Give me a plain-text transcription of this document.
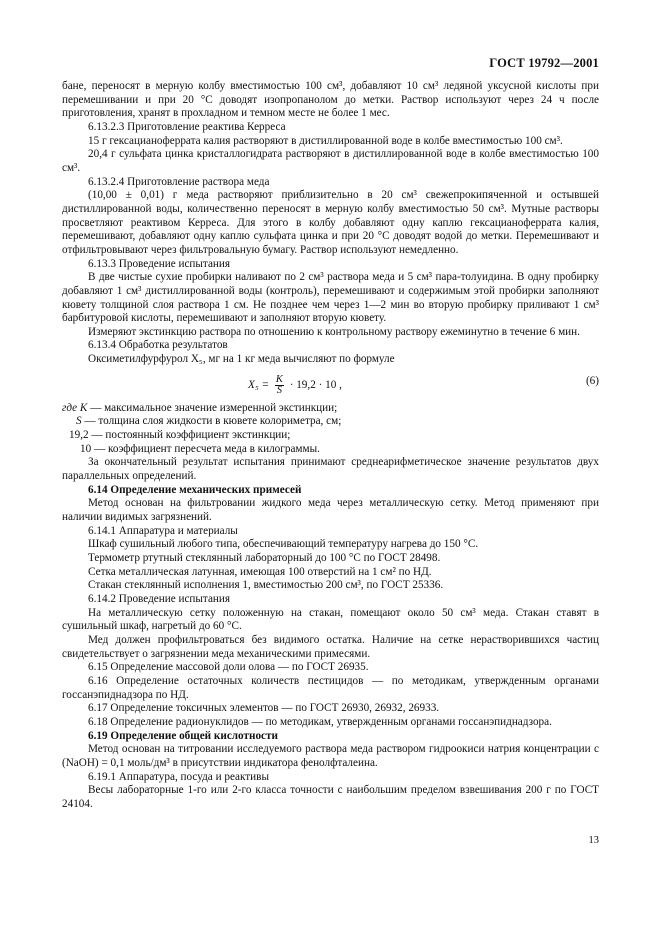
ГОСТ 19792—2001

бане, переносят в мерную колбу вместимостью 100 см³, добавляют 10 см³ ледяной уксусной кислоты при перемешивании и при 20 °С доводят изопропанолом до метки. Раствор используют через 24 ч после приготовления, хранят в прохладном и темном месте не более 1 мес.

6.13.2.3 Приготовление реактива Керреса

15 г гексацианоферрата калия растворяют в дистиллированной воде в колбе вместимостью 100 см³.

20,4 г сульфата цинка кристаллогидрата растворяют в дистиллированной воде в колбе вместимостью 100 см³.

6.13.2.4 Приготовление раствора меда

(10,00 ± 0,01) г меда растворяют приблизительно в 20 см³ свежепрокипяченной и остывшей дистиллированной воды, количественно переносят в мерную колбу вместимостью 50 см³. Мутные растворы просветляют реактивом Керреса. Для этого в колбу добавляют одну каплю гексацианоферрата калия, перемешивают, добавляют одну каплю сульфата цинка и при 20 °С доводят водой до метки. Перемешивают и отфильтровывают через фильтровальную бумагу. Раствор используют немедленно.

6.13.3 Проведение испытания

В две чистые сухие пробирки наливают по 2 см³ раствора меда и 5 см³ пара-толуидина. В одну пробирку добавляют 1 см³ дистиллированной воды (контроль), перемешивают и содержимым этой пробирки заполняют кювету толщиной слоя раствора 1 см. Не позднее чем через 1—2 мин во вторую пробирку приливают 1 см³ барбитуровой кислоты, перемешивают и заполняют вторую кювету.

Измеряют экстинкцию раствора по отношению к контрольному раствору ежеминутно в течение 6 мин.

6.13.4 Обработка результатов

Оксиметилфурфурол X₅, мг на 1 кг меда вычисляют по формуле

$X_5 = \frac{K}{S} \cdot 19,2 \cdot 10$ ,	(6)

где K — максимальное значение измеренной экстинкции;

S — толщина слоя жидкости в кювете колориметра, см;

19,2 — постоянный коэффициент экстинкции;

10 — коэффициент пересчета меда в килограммы.

За окончательный результат испытания принимают среднеарифметическое значение результатов двух параллельных определений.

6.14 Определение механических примесей

Метод основан на фильтровании жидкого меда через металлическую сетку. Метод применяют при наличии видимых загрязнений.

6.14.1 Аппаратура и материалы

Шкаф сушильный любого типа, обеспечивающий температуру нагрева до 150 °С.

Термометр ртутный стеклянный лабораторный до 100 °С по ГОСТ 28498.

Сетка металлическая латунная, имеющая 100 отверстий на 1 см² по НД.

Стакан стеклянный исполнения 1, вместимостью 200 см³, по ГОСТ 25336.

6.14.2 Проведение испытания

На металлическую сетку положенную на стакан, помещают около 50 см³ меда. Стакан ставят в сушильный шкаф, нагретый до 60 °С.

Мед должен профильтроваться без видимого остатка. Наличие на сетке нерастворившихся частиц свидетельствует о загрязнении меда механическими примесями.

6.15 Определение массовой доли олова — по ГОСТ 26935.

6.16 Определение остаточных количеств пестицидов — по методикам, утвержденным органами госсанэпиднадзора по НД.

6.17 Определение токсичных элементов — по ГОСТ 26930, 26932, 26933.

6.18 Определение радионуклидов — по методикам, утвержденным органами госсанэпиднадзора.

6.19 Определение общей кислотности

Метод основан на титровании исследуемого раствора меда раствором гидроокиси натрия концентрации c (NaOH) = 0,1 моль/дм³ в присутствии индикатора фенолфталеина.

6.19.1 Аппаратура, посуда и реактивы

Весы лабораторные 1-го или 2-го класса точности с наибольшим пределом взвешивания 200 г по ГОСТ 24104.

13
